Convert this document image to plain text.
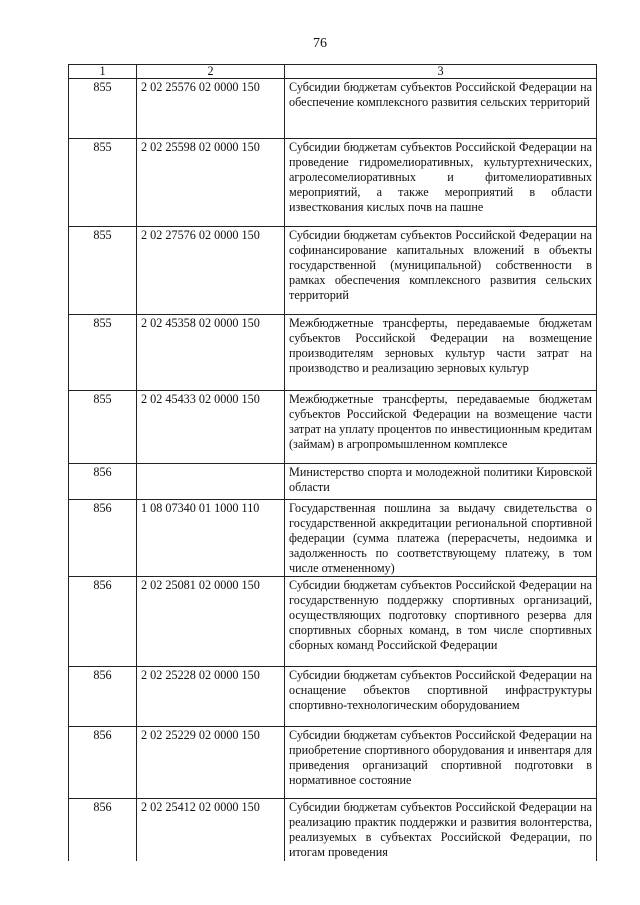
76
1	2	3
855	2 02 25576 02 0000 150	Субсидии бюджетам субъектов Российской Федерации на обеспечение комплексного развития сельских территорий
855	2 02 25598 02 0000 150	Субсидии бюджетам субъектов Российской Федерации на проведение гидромелиоративных, культуртехнических, агролесомелиоративных и фитомелиоративных мероприятий, а также мероприятий в области известкования кислых почв на пашне
855	2 02 27576 02 0000 150	Субсидии бюджетам субъектов Российской Федерации на софинансирование капитальных вложений в объекты государственной (муниципальной) собственности в рамках обеспечения комплексного развития сельских территорий
855	2 02 45358 02 0000 150	Межбюджетные трансферты, передаваемые бюджетам субъектов Российской Федерации на возмещение производителям зерновых культур части затрат на производство и реализацию зерновых культур
855	2 02 45433 02 0000 150	Межбюджетные трансферты, передаваемые бюджетам субъектов Российской Федерации на возмещение части затрат на уплату процентов по инвестиционным кредитам (займам) в агропромышленном комплексе
856		Министерство спорта и молодежной политики Кировской области
856	1 08 07340 01 1000 110	Государственная пошлина за выдачу свидетельства о государственной аккредитации региональной спортивной федерации (сумма платежа (перерасчеты, недоимка и задолженность по соответствующему платежу, в том числе отмененному)
856	2 02 25081 02 0000 150	Субсидии бюджетам субъектов Российской Федерации на государственную поддержку спортивных организаций, осуществляющих подготовку спортивного резерва для спортивных сборных команд, в том числе спортивных сборных команд Российской Федерации
856	2 02 25228 02 0000 150	Субсидии бюджетам субъектов Российской Федерации на оснащение объектов спортивной инфраструктуры спортивно-технологическим оборудованием
856	2 02 25229 02 0000 150	Субсидии бюджетам субъектов Российской Федерации на приобретение спортивного оборудования и инвентаря для приведения организаций спортивной подготовки в нормативное состояние
856	2 02 25412 02 0000 150	Субсидии бюджетам субъектов Российской Федерации на реализацию практик поддержки и развития волонтерства, реализуемых в субъектах Российской Федерации, по итогам проведения
